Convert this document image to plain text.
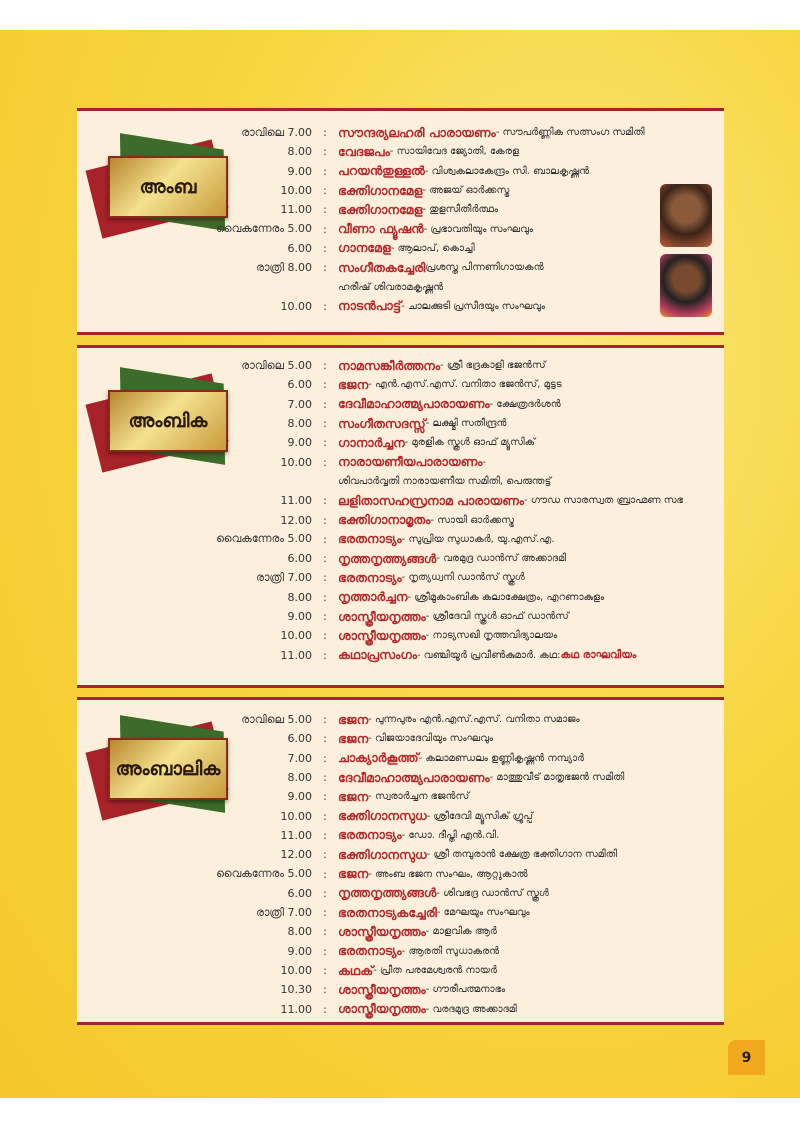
അംബ
രാവിലെ 7.00	: സൗന്ദര്യലഹരി പാരായണം - സൗപർണ്ണിക സത്സംഗ സമിതി
8.00	: വേദജപം - സായിവേദ ജ്യോതി, കേരള
9.00	: പറയൻതുള്ളൽ - വിശ്വകലാകേന്ദ്രം സി. ബാലകൃഷ്ണൻ
10.00	: ഭക്തിഗാനമേള - അജയ് ഓർക്കസ്ട്ര
11.00	: ഭക്തിഗാനമേള - തുളസീതീർത്ഥം
വൈകന്നേരം 5.00	: വീണാ ഫ്യൂഷൻ - പ്രഭാവതിയും സംഘവും
6.00	: ഗാനമേള - ആലാപ്, കൊച്ചി
രാത്രി 8.00	: സംഗീതകച്ചേരി പ്രശസ്ത പിന്നണിഗായകൻ
ഹരീഷ് ശിവരാമകൃഷ്ണൻ
10.00	: നാടൻപാട്ട് - ചാലക്കുടി പ്രസീദയും സംഘവും
അംബിക
രാവിലെ 5.00	: നാമസങ്കീർത്തനം - ശ്രീ ഭദ്രകാളി ഭജൻസ്
6.00	: ഭജന - എൻ.എസ്.എസ്. വനിതാ ഭജൻസ്, മുട്ടട
7.00	: ദേവീമാഹാത്മ്യപാരായണം - ക്ഷേത്രദർശൻ
8.00	: സംഗീതസദസ്സ് - ലക്ഷ്മി സതീന്ദ്രൻ
9.00	: ഗാനാർച്ചന - മുരളിക സ്കൂൾ ഓഫ് മ്യൂസിക്
10.00	: നാരായണീയപാരായണം -
ശിവപാർവ്വതി നാരായണീയ സമിതി, പെരുന്തട്ട്
11.00	: ലളിതാസഹസ്രനാമ പാരായണം - ഗൗഡ സാരസ്വത ബ്രാഹ്മണ സഭ
12.00	: ഭക്തിഗാനാമൃതം - സായി ഓർക്കസ്ട്ര
വൈകന്നേരം 5.00	: ഭരതനാട്യം - സുപ്രിയ സുധാകർ, യു.എസ്.എ.
6.00	: നൃത്തനൃത്ത്യങ്ങൾ - വരമുദ്ര ഡാൻസ് അക്കാദമി
രാത്രി 7.00	: ഭരതനാട്യം - നൃത്യധ്വനി ഡാൻസ് സ്കൂൾ
8.00	: നൃത്താർച്ചന - ശ്രീമൂകാംബിക കലാക്ഷേത്രം, എറണാകുളം
9.00	: ശാസ്ത്രീയനൃത്തം - ശ്രീദേവി സ്കൂൾ ഓഫ് ഡാൻസ്
10.00	: ശാസ്ത്രീയനൃത്തം - നാട്യസഖി നൃത്തവിദ്യാലയം
11.00	: കഥാപ്രസംഗം - വഞ്ചിയൂർ പ്രവീൺകുമാർ. കഥ: കഥ രാഘവീയം
അംബാലിക
രാവിലെ 5.00	: ഭജന - പുന്നപുരം എൻ.എസ്.എസ്. വനിതാ സമാജം
6.00	: ഭജന - വിജയാദേവിയും സംഘവും
7.00	: ചാക്യാർകൂത്ത് - കലാമണ്ഡലം ഉണ്ണികൃഷ്ണൻ നമ്പ്യാർ
8.00	: ദേവീമാഹാത്മ്യപാരായണം - മാത്തുവീട് മാതൃഭജൻ സമിതി
9.00	: ഭജന - സ്വരാർച്ചന ഭജൻസ്
10.00	: ഭക്തിഗാനസുധ - ശ്രീദേവി മ്യൂസിക് ഗ്രൂപ്പ്
11.00	: ഭരതനാട്യം - ഡോ. ദീപ്തി എൻ.വി.
12.00	: ഭക്തിഗാനസുധ - ശ്രീ തമ്പുരാൻ ക്ഷേത്ര ഭക്തിഗാന സമിതി
വൈകന്നേരം 5.00	: ഭജന - അംബ ഭജന സംഘം, ആറ്റുകാൽ
6.00	: നൃത്തനൃത്ത്യങ്ങൾ - ശിവഭദ്ര ഡാൻസ് സ്കൂൾ
രാത്രി 7.00	: ഭരതനാട്യകച്ചേരി - മേഘയും സംഘവും
8.00	: ശാസ്ത്രീയനൃത്തം - മാളവിക ആർ
9.00	: ഭരതനാട്യം - ആരതി സുധാകരൻ
10.00	: കഥക് - പ്രീത പരമേശ്വരൻ നായർ
10.30	: ശാസ്ത്രീയനൃത്തം - ഗൗരീപത്മനാഭം
11.00	: ശാസ്ത്രീയനൃത്തം - വരദമുദ്ര അക്കാദമി
9
